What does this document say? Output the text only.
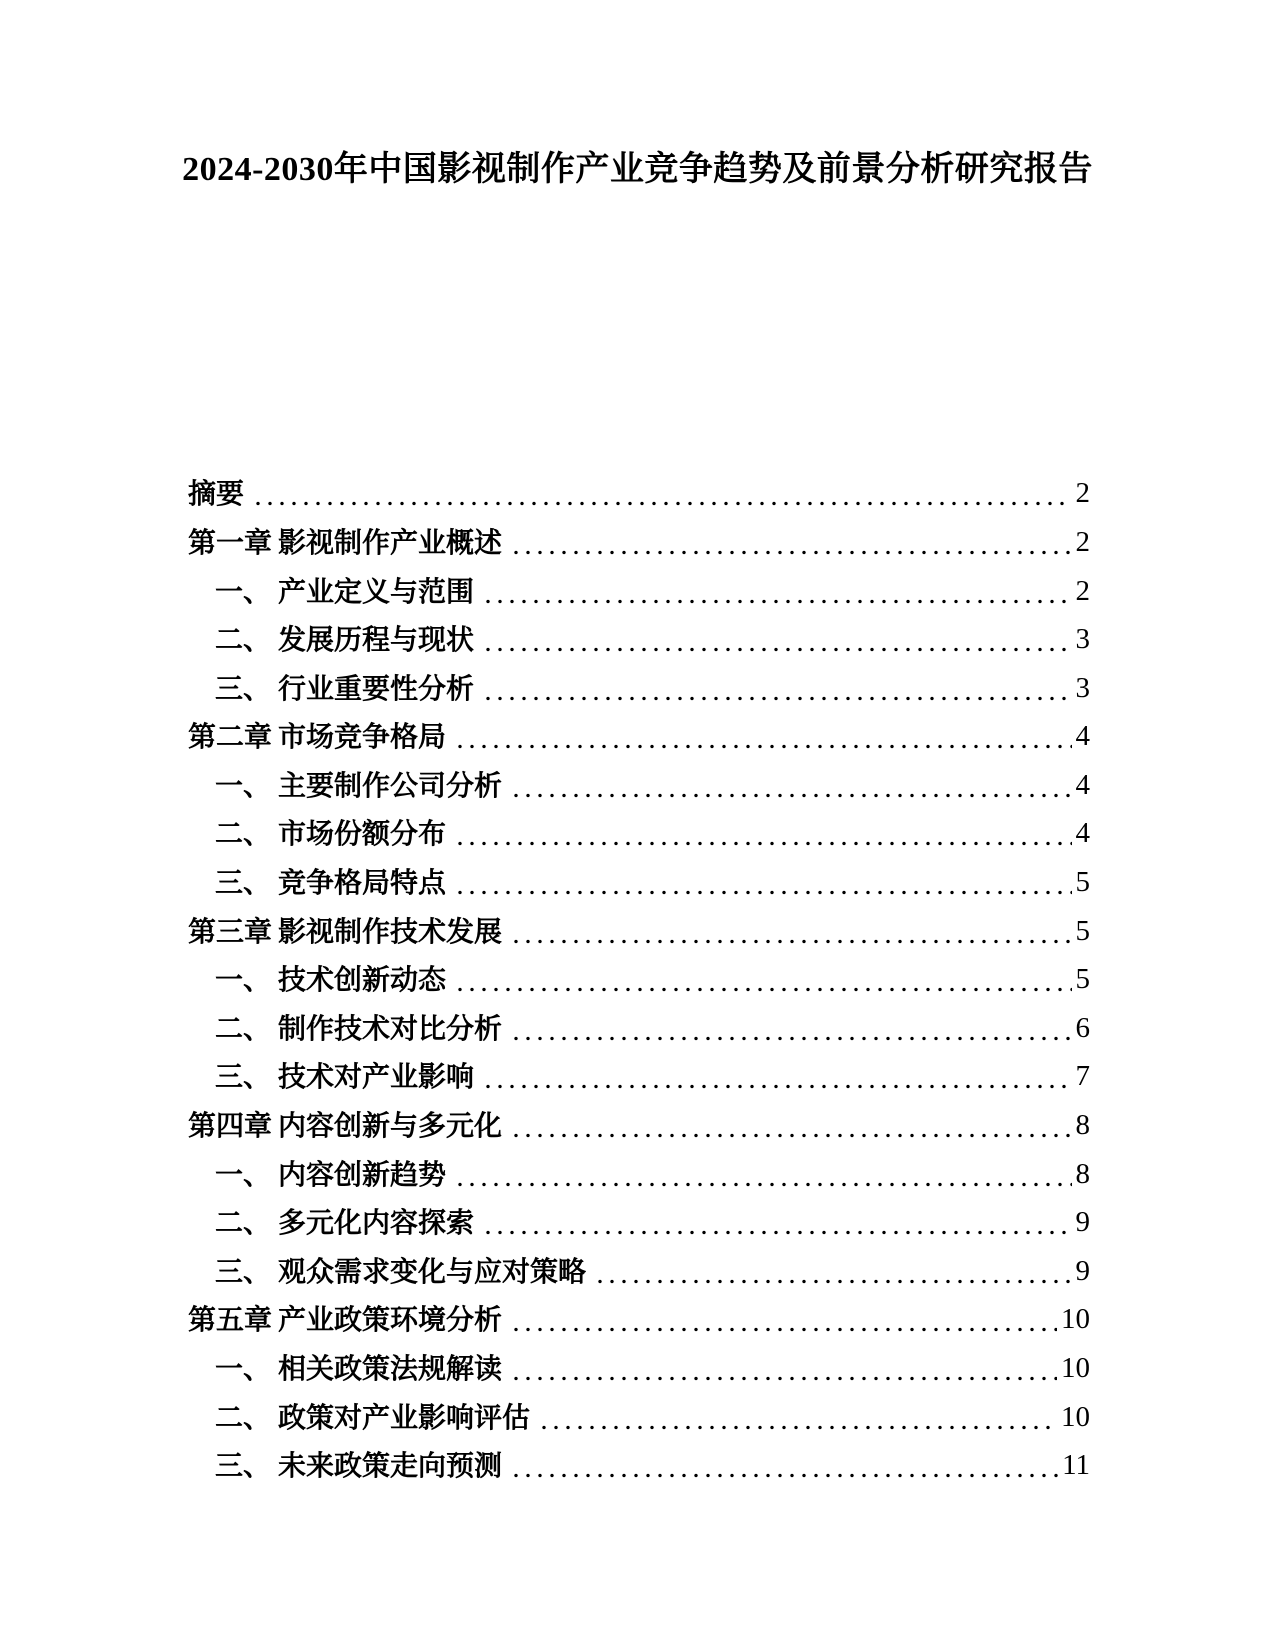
2024-2030年中国影视制作产业竞争趋势及前景分析研究报告
摘要	2
第一章 影视制作产业概述	2
一、 产业定义与范围	2
二、 发展历程与现状	3
三、 行业重要性分析	3
第二章 市场竞争格局	4
一、 主要制作公司分析	4
二、 市场份额分布	4
三、 竞争格局特点	5
第三章 影视制作技术发展	5
一、 技术创新动态	5
二、 制作技术对比分析	6
三、 技术对产业影响	7
第四章 内容创新与多元化	8
一、 内容创新趋势	8
二、 多元化内容探索	9
三、 观众需求变化与应对策略	9
第五章 产业政策环境分析	10
一、 相关政策法规解读	10
二、 政策对产业影响评估	10
三、 未来政策走向预测	11
